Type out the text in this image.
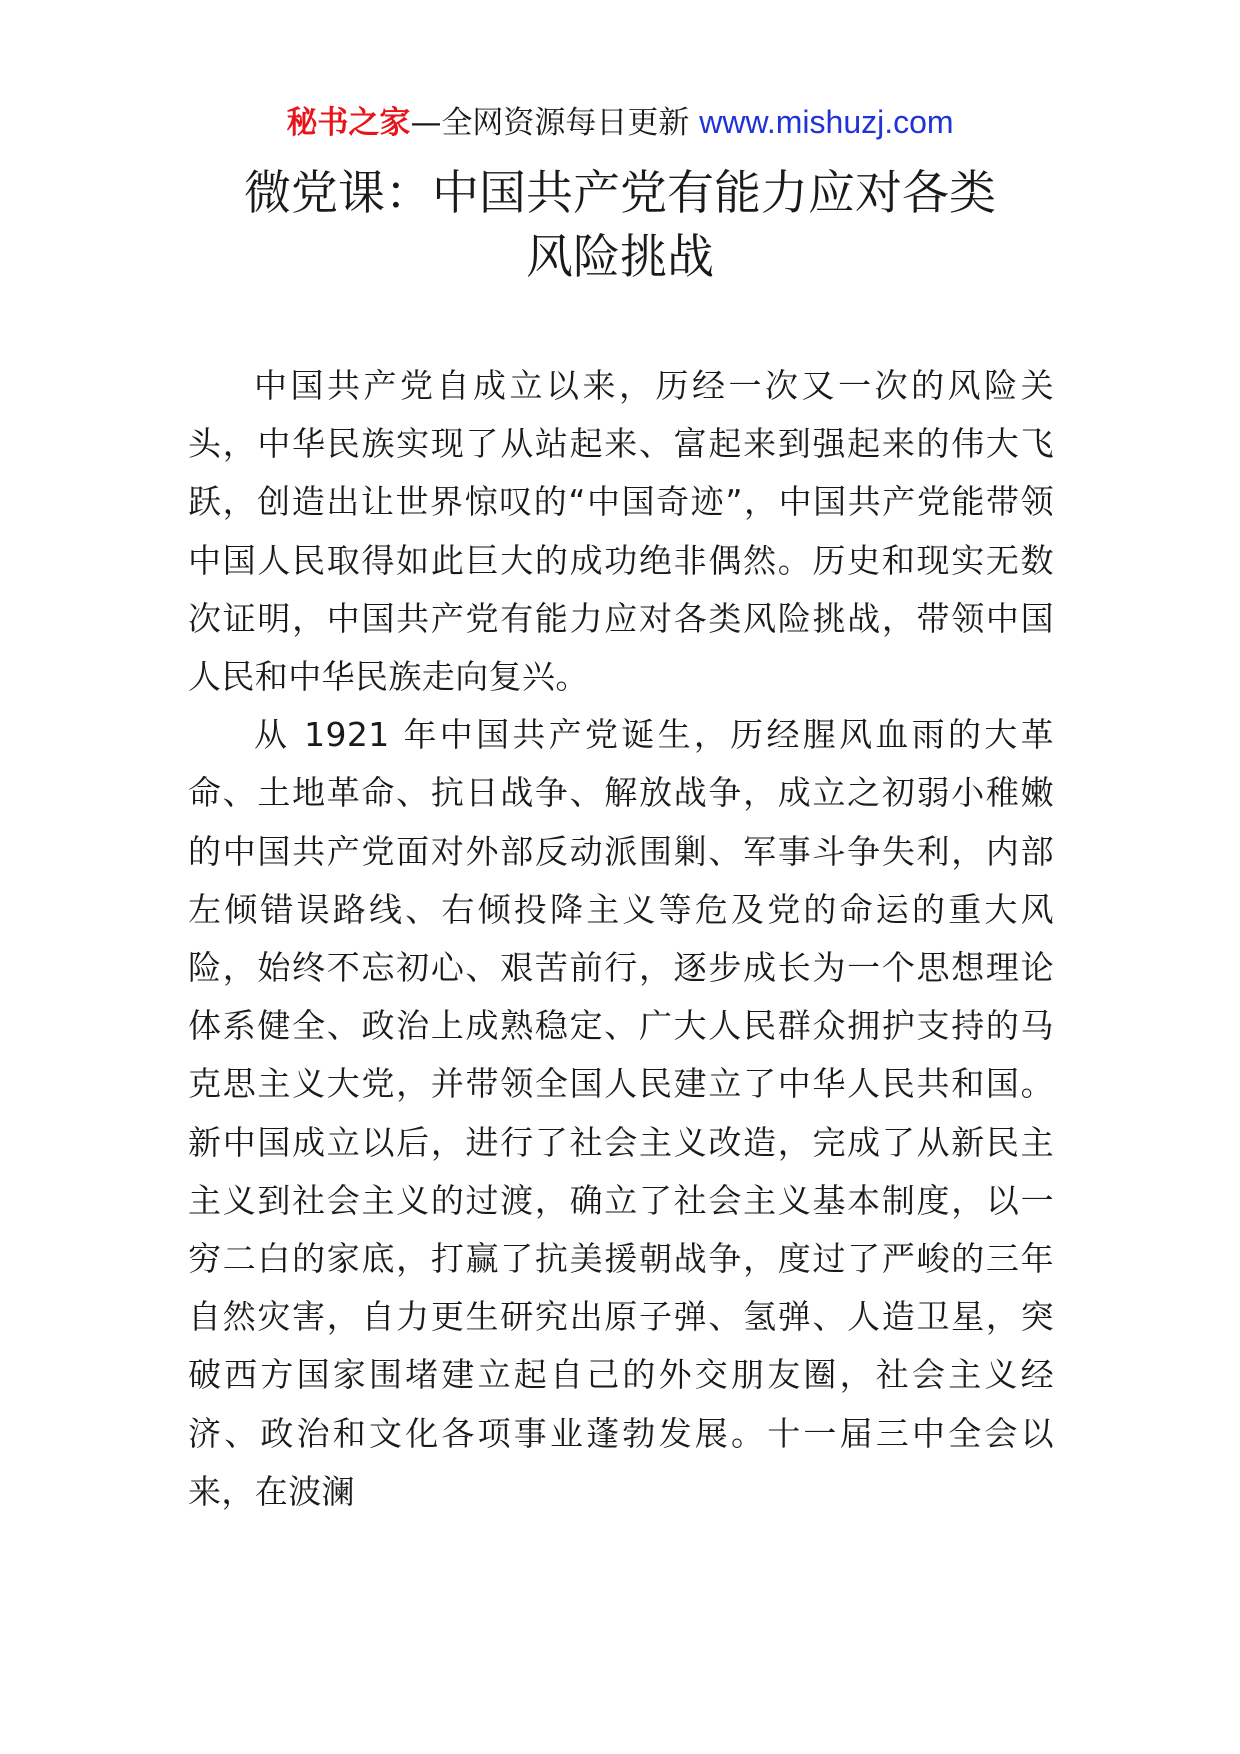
秘书之家—全网资源每日更新 www.mishuzj.com
微党课：中国共产党有能力应对各类
风险挑战

中国共产党自成立以来，历经一次又一次的风险关头，中华民族实现了从站起来、富起来到强起来的伟大飞跃，创造出让世界惊叹的“中国奇迹”，中国共产党能带领中国人民取得如此巨大的成功绝非偶然。历史和现实无数次证明，中国共产党有能力应对各类风险挑战，带领中国人民和中华民族走向复兴。

从 1921 年中国共产党诞生，历经腥风血雨的大革命、土地革命、抗日战争、解放战争，成立之初弱小稚嫩的中国共产党面对外部反动派围剿、军事斗争失利，内部左倾错误路线、右倾投降主义等危及党的命运的重大风险，始终不忘初心、艰苦前行，逐步成长为一个思想理论体系健全、政治上成熟稳定、广大人民群众拥护支持的马克思主义大党，并带领全国人民建立了中华人民共和国。新中国成立以后，进行了社会主义改造，完成了从新民主主义到社会主义的过渡，确立了社会主义基本制度，以一穷二白的家底，打赢了抗美援朝战争，度过了严峻的三年自然灾害，自力更生研究出原子弹、氢弹、人造卫星，突破西方国家围堵建立起自己的外交朋友圈，社会主义经济、政治和文化各项事业蓬勃发展。十一届三中全会以来，在波澜
